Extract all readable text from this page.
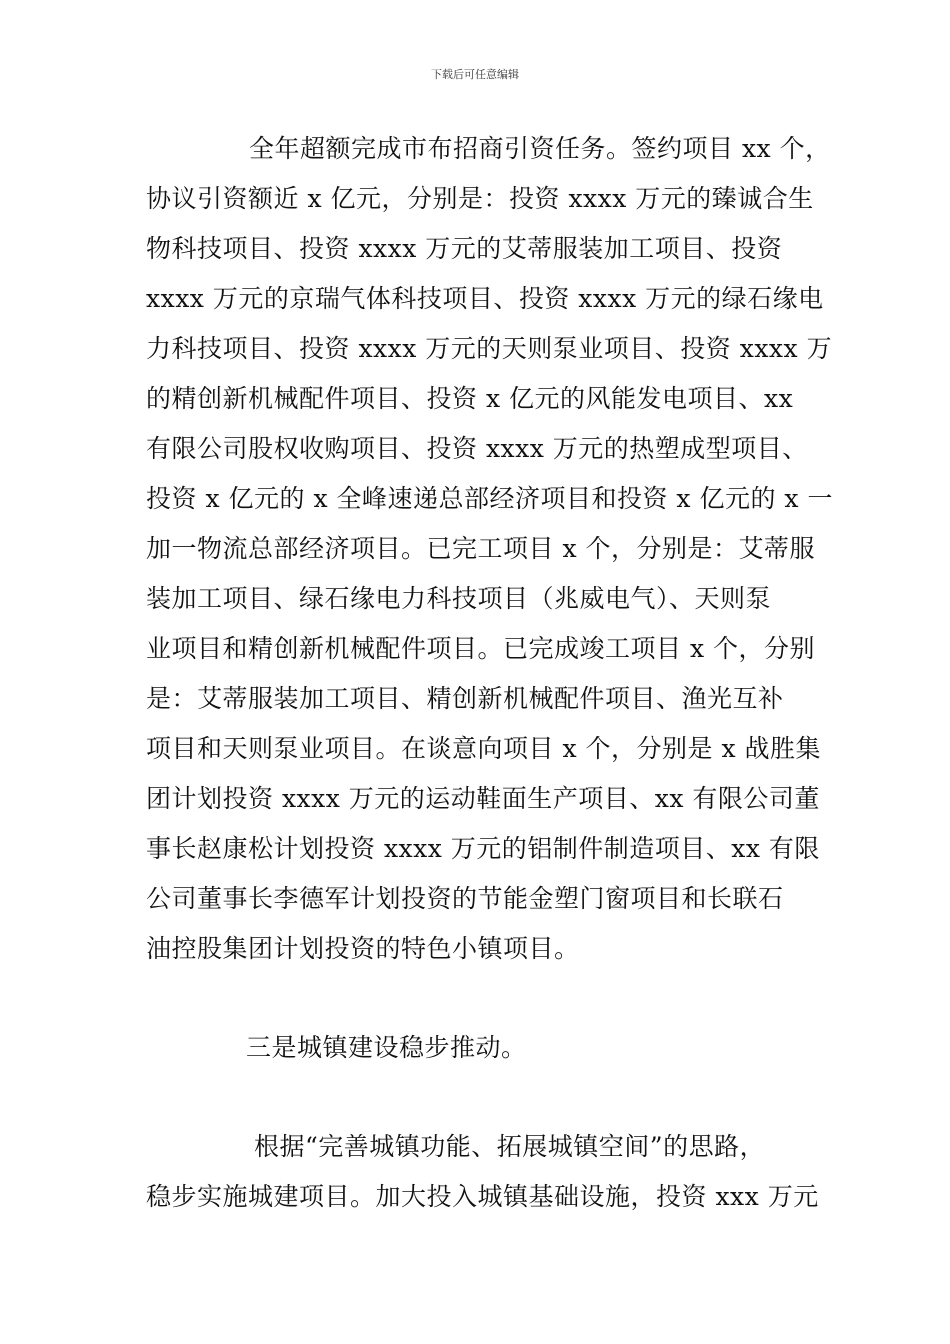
下载后可任意编辑
全年超额完成市布招商引资任务。签约项目 xx 个，
协议引资额近 x 亿元，分别是：投资 xxxx 万元的臻诚合生
物科技项目、投资 xxxx 万元的艾蒂服装加工项目、投资
xxxx 万元的京瑞气体科技项目、投资 xxxx 万元的绿石缘电
力科技项目、投资 xxxx 万元的天则泵业项目、投资 xxxx 万
的精创新机械配件项目、投资 x 亿元的风能发电项目、xx
有限公司股权收购项目、投资 xxxx 万元的热塑成型项目、
投资 x 亿元的 x 全峰速递总部经济项目和投资 x 亿元的 x 一
加一物流总部经济项目。已完工项目 x 个，分别是：艾蒂服
装加工项目、绿石缘电力科技项目（兆威电气）、天则泵
业项目和精创新机械配件项目。已完成竣工项目 x 个，分别
是：艾蒂服装加工项目、精创新机械配件项目、渔光互补
项目和天则泵业项目。在谈意向项目 x 个，分别是 x 战胜集
团计划投资 xxxx 万元的运动鞋面生产项目、xx 有限公司董
事长赵康松计划投资 xxxx 万元的铝制件制造项目、xx 有限
公司董事长李德军计划投资的节能金塑门窗项目和长联石
油控股集团计划投资的特色小镇项目。
三是城镇建设稳步推动。
根据“完善城镇功能、拓展城镇空间”的思路，
稳步实施城建项目。加大投入城镇基础设施，投资 xxx 万元
